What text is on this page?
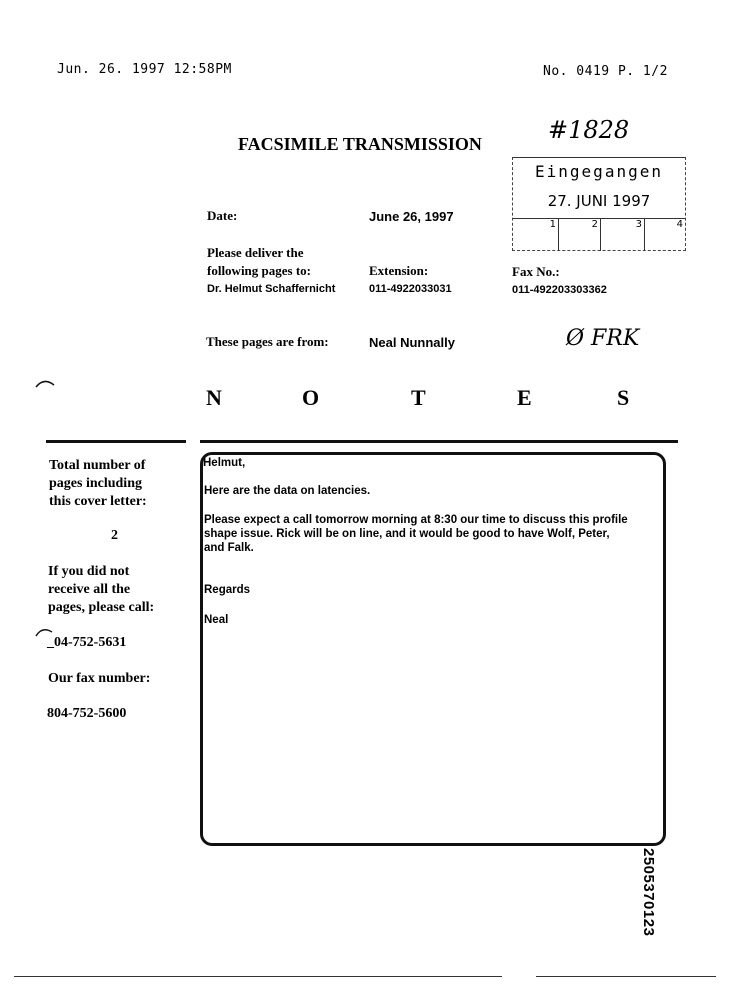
Jun. 26. 1997 12:58PM	No. 0419 P. 1/2
FACSIMILE TRANSMISSION	#1828
Eingegangen
27. JUNI 1997
1	2	3	4
Date:	June 26, 1997
Please deliver the
following pages to:
Dr. Helmut Schaffernicht
Extension:
011-4922033031
Fax No.:
011-492203303362
These pages are from:	Neal Nunnally	Ø FRK
N	O	T	E	S
Total number of
pages including
this cover letter:
2
If you did not
receive all the
pages, please call:
_04-752-5631
Our fax number:
804-752-5600
Helmut,
Here are the data on latencies.
Please expect a call tomorrow morning at 8:30 our time to discuss this profile
shape issue. Rick will be on line, and it would be good to have Wolf, Peter,
and Falk.
Regards
Neal
2505370123
